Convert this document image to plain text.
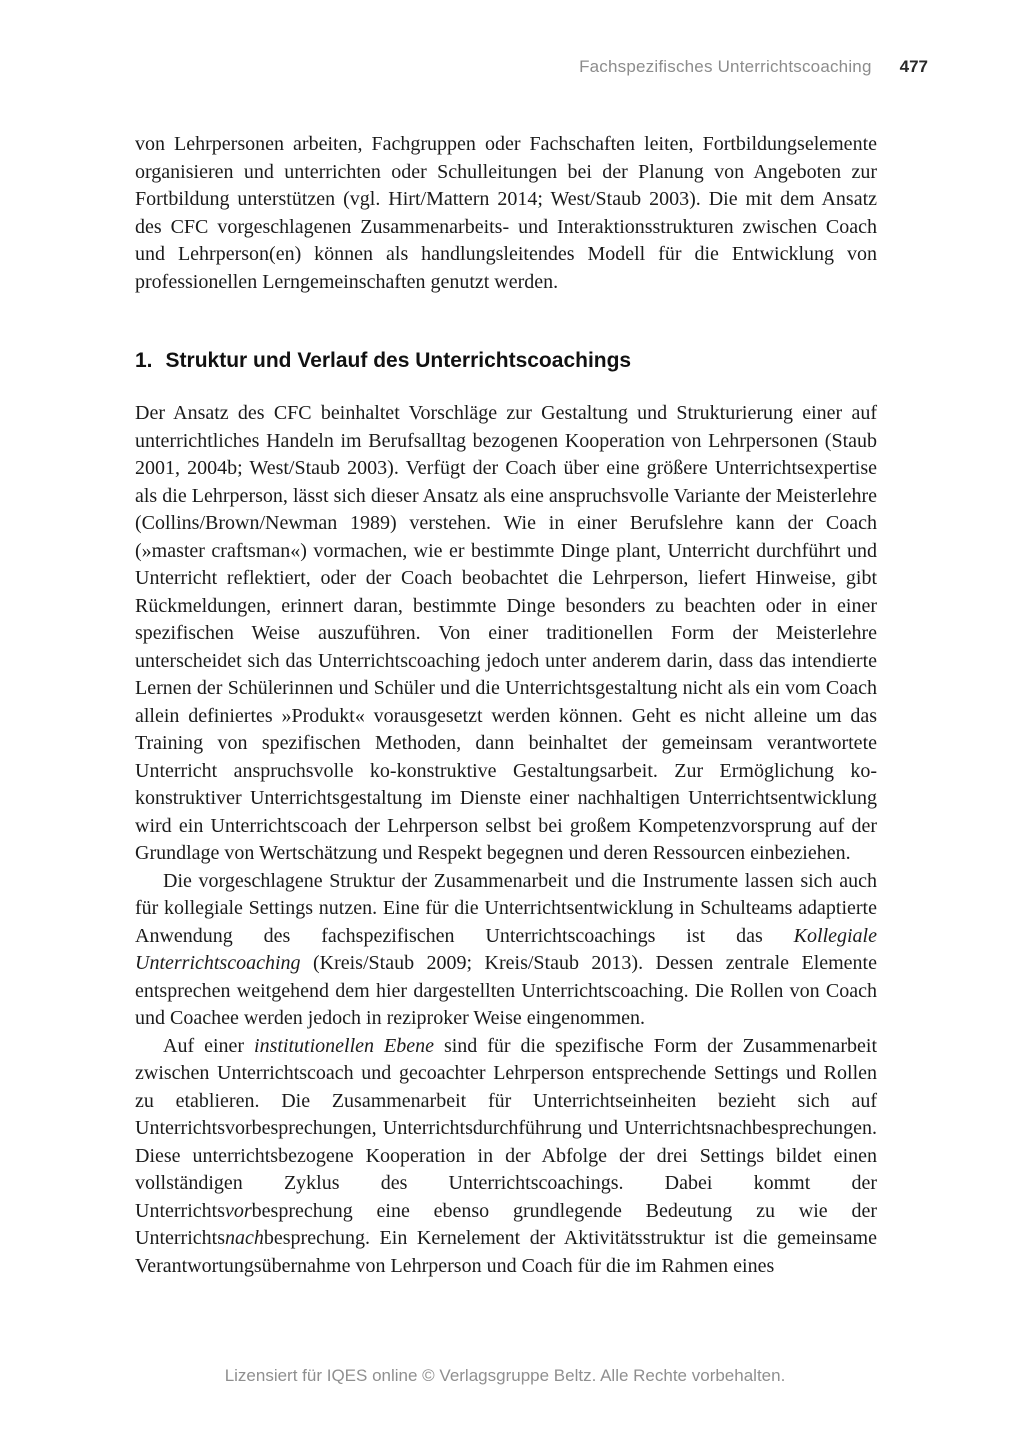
Fachspezifisches Unterrichtscoaching 477

von Lehrpersonen arbeiten, Fachgruppen oder Fachschaften leiten, Fortbildungselemente organisieren und unterrichten oder Schulleitungen bei der Planung von Angeboten zur Fortbildung unterstützen (vgl. Hirt/Mattern 2014; West/Staub 2003). Die mit dem Ansatz des CFC vorgeschlagenen Zusammenarbeits- und Interaktionsstrukturen zwischen Coach und Lehrperson(en) können als handlungsleitendes Modell für die Entwicklung von professionellen Lerngemeinschaften genutzt werden.

1. Struktur und Verlauf des Unterrichtscoachings

Der Ansatz des CFC beinhaltet Vorschläge zur Gestaltung und Strukturierung einer auf unterrichtliches Handeln im Berufsalltag bezogenen Kooperation von Lehrpersonen (Staub 2001, 2004b; West/Staub 2003). Verfügt der Coach über eine größere Unterrichtsexpertise als die Lehrperson, lässt sich dieser Ansatz als eine anspruchsvolle Variante der Meisterlehre (Collins/Brown/Newman 1989) verstehen. Wie in einer Berufslehre kann der Coach (»master craftsman«) vormachen, wie er bestimmte Dinge plant, Unterricht durchführt und Unterricht reflektiert, oder der Coach beobachtet die Lehrperson, liefert Hinweise, gibt Rückmeldungen, erinnert daran, bestimmte Dinge besonders zu beachten oder in einer spezifischen Weise auszuführen. Von einer traditionellen Form der Meisterlehre unterscheidet sich das Unterrichtscoaching jedoch unter anderem darin, dass das intendierte Lernen der Schülerinnen und Schüler und die Unterrichtsgestaltung nicht als ein vom Coach allein definiertes »Produkt« vorausgesetzt werden können. Geht es nicht alleine um das Training von spezifischen Methoden, dann beinhaltet der gemeinsam verantwortete Unterricht anspruchsvolle ko-konstruktive Gestaltungsarbeit. Zur Ermöglichung ko-konstruktiver Unterrichtsgestaltung im Dienste einer nachhaltigen Unterrichtsentwicklung wird ein Unterrichtscoach der Lehrperson selbst bei großem Kompetenzvorsprung auf der Grundlage von Wertschätzung und Respekt begegnen und deren Ressourcen einbeziehen.

Die vorgeschlagene Struktur der Zusammenarbeit und die Instrumente lassen sich auch für kollegiale Settings nutzen. Eine für die Unterrichtsentwicklung in Schulteams adaptierte Anwendung des fachspezifischen Unterrichtscoachings ist das Kollegiale Unterrichtscoaching (Kreis/Staub 2009; Kreis/Staub 2013). Dessen zentrale Elemente entsprechen weitgehend dem hier dargestellten Unterrichtscoaching. Die Rollen von Coach und Coachee werden jedoch in reziproker Weise eingenommen.

Auf einer institutionellen Ebene sind für die spezifische Form der Zusammenarbeit zwischen Unterrichtscoach und gecoachter Lehrperson entsprechende Settings und Rollen zu etablieren. Die Zusammenarbeit für Unterrichtseinheiten bezieht sich auf Unterrichtsvorbesprechungen, Unterrichtsdurchführung und Unterrichtsnachbesprechungen. Diese unterrichtsbezogene Kooperation in der Abfolge der drei Settings bildet einen vollständigen Zyklus des Unterrichtscoachings. Dabei kommt der Unterrichtsvorbesprechung eine ebenso grundlegende Bedeutung zu wie der Unterrichtsnachbesprechung. Ein Kernelement der Aktivitätsstruktur ist die gemeinsame Verantwortungsübernahme von Lehrperson und Coach für die im Rahmen eines

Lizensiert für IQES online © Verlagsgruppe Beltz. Alle Rechte vorbehalten.
